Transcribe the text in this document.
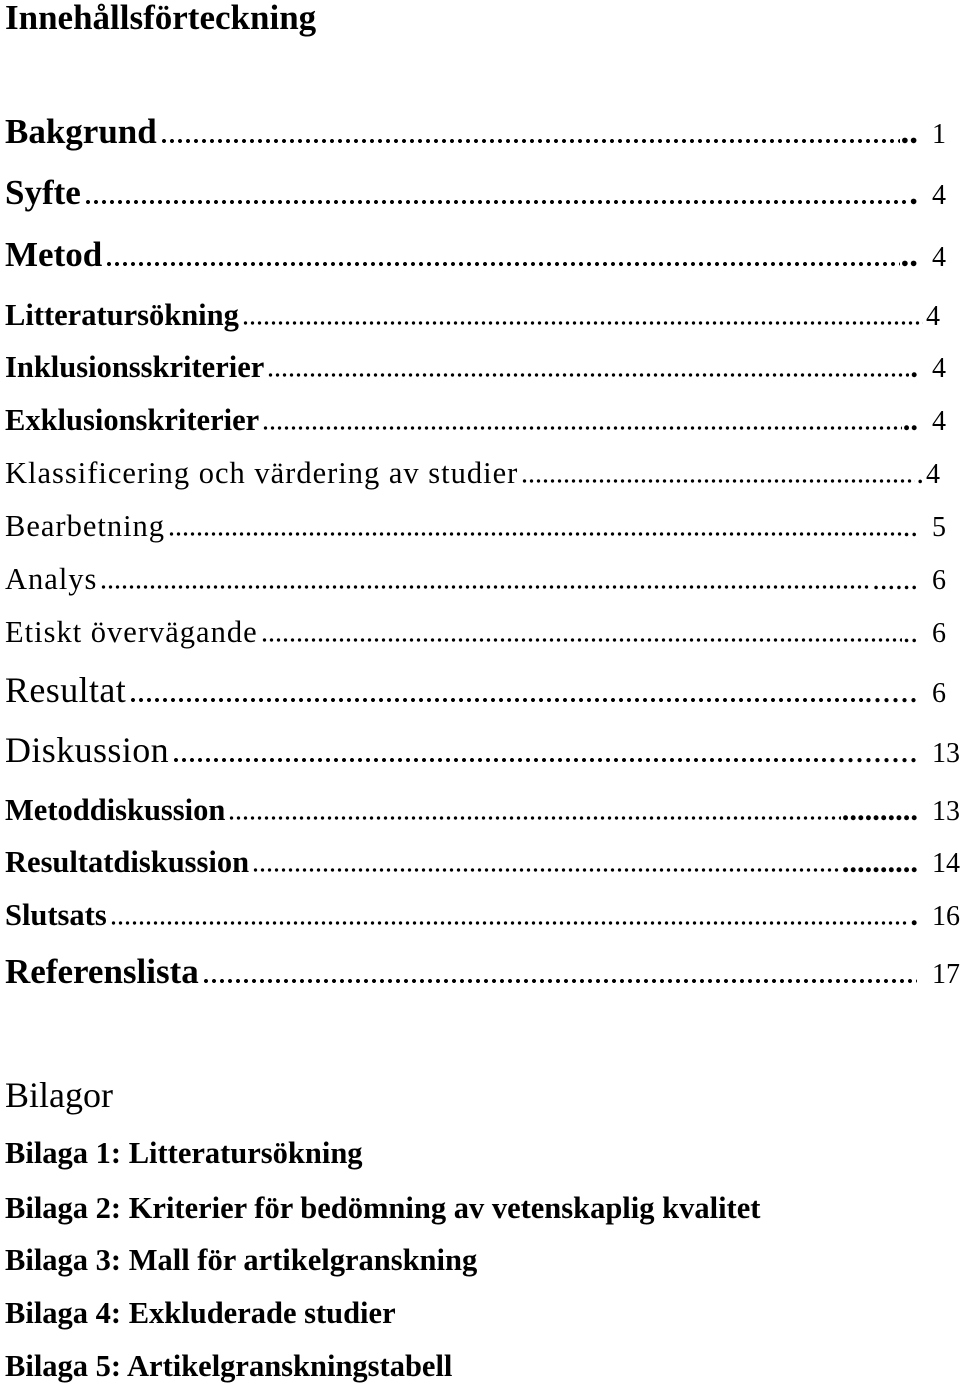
Innehållsförteckning
Bakgrund	.. 1
Syfte	. 4
Metod	.. 4
Litteratursökning	4
Inklusionsskriterier	. 4
Exklusionskriterier	.. 4
Klassificering och värdering av studier	. 4
Bearbetning	.. 5
Analys	...... 6
Etiskt övervägande	.. 6
Resultat	...... 6
Diskussion	.......... 13
Metoddiskussion	.......... 13
Resultatdiskussion	.......... 14
Slutsats	. 16
Referenslista	17
Bilagor
Bilaga 1: Litteratursökning
Bilaga 2: Kriterier för bedömning av vetenskaplig kvalitet
Bilaga 3: Mall för artikelgranskning
Bilaga 4: Exkluderade studier
Bilaga 5: Artikelgranskningstabell
